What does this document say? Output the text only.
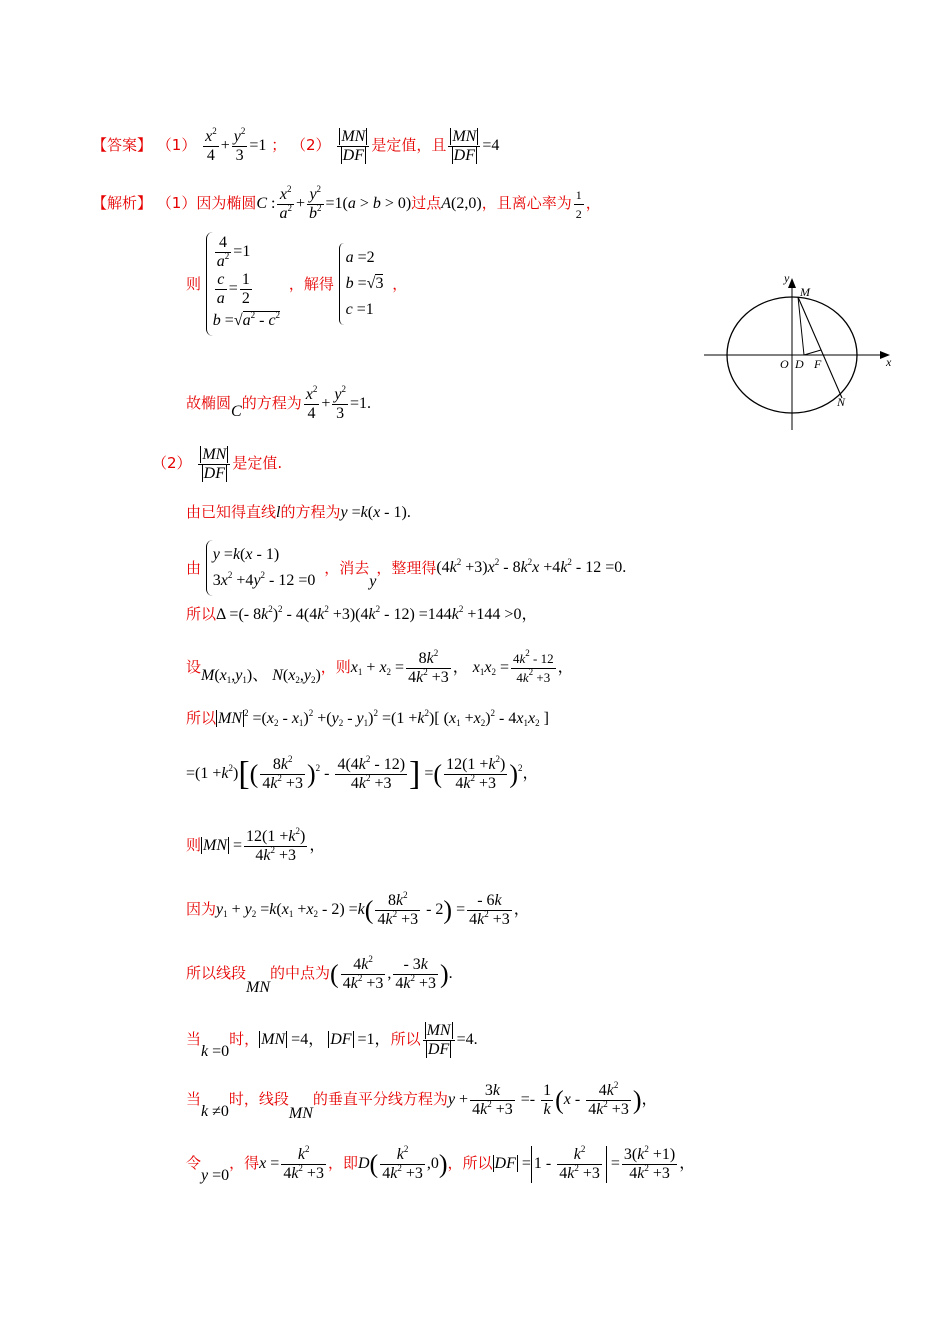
【答案】 $(1) \frac{x^2}{4} + \frac{y^2}{3} =1$ ； $(2) \frac{MN}{DF}$ 是定值，且 $\frac{MN}{DF} =4$
【解析】 （1）因为椭圆C : $\frac{x^2}{a^2} + \frac{y^2}{b^2} =1(a > b > 0)$过点A(2,0)，且离心率为 $\frac{1}{2}$ ，
则
$\frac{4}{a^2} =1$
$\frac{c}{a} = \frac{1}{2}$
$b =√a^2 - c^2$
，解得
a =2
b =√3
c =1
，
故椭圆C的方程为 $\frac{x^2}{4} + \frac{y^2}{3} =1$.
y
M
O D F	x
N
$(2) \frac{MN}{DF}$ 是定值.
由已知得直线l的方程为y =k(x - 1).
由
y =k(x - 1)
$3x^2 +4y^2 - 12 =0$
，消去y，整理得$(4k^2 +3)x^2 - 8k^2x +4k^2 - 12 =0$.
所以Δ =(- $8k^2)^2 - 4(4k^2 +3)(4k^2 - 12) =144k^2 +144 >0$，
设$M(x_1,y_1)$、 $N(x_2,y_2)$，则$x_1 + x_2 = \frac{8k^2}{4k^2 +3}$ ， $x_1x_2 = \frac{4k^2 - 12}{4k^2 +3}$ ，
所以 MN $^2 =(x_2 - x_1)^2 +(y_2 - y_1)^2 =(1 +k^2)$[ $(x_1 +x_2)^2 - 4x_1x_2$ ]
$=(1 +k^2)[( \frac{8k^2}{4k^2 +3} )^2 - \frac{4(4k^2 - 12)}{4k^2 +3}$ ] =( $\frac{12(1 +k^2)}{4k^2 +3} )^2$，
则 MN = $\frac{12(1 +k^2)}{4k^2 +3}$ ，
因为$y_1 + y_2 =k(x_1 +x_2 - 2) =k( \frac{8k^2}{4k^2 +3} - 2) = \frac{- 6k}{4k^2 +3}$ ，
所以线段MN的中点为( $\frac{4k^2}{4k^2 +3}$ , $\frac{- 3k}{4k^2 +3}$ ).
当k =0时， MN =4， DF =1，所以 $\frac{MN}{DF} =4$.
当k ≠0时，线段MN的垂直平分线方程为$y + \frac{3k}{4k^2 +3} =- \frac{1}{k} (x - \frac{4k^2}{4k^2 +3}$ )，
令y =0，得$x = \frac{k^2}{4k^2 +3}$ ，即$D( \frac{k^2}{4k^2 +3} ,0)$，所以 DF = $1 - \frac{k^2}{4k^2 +3} = \frac{3(k^2 +1)}{4k^2 +3}$ ，
